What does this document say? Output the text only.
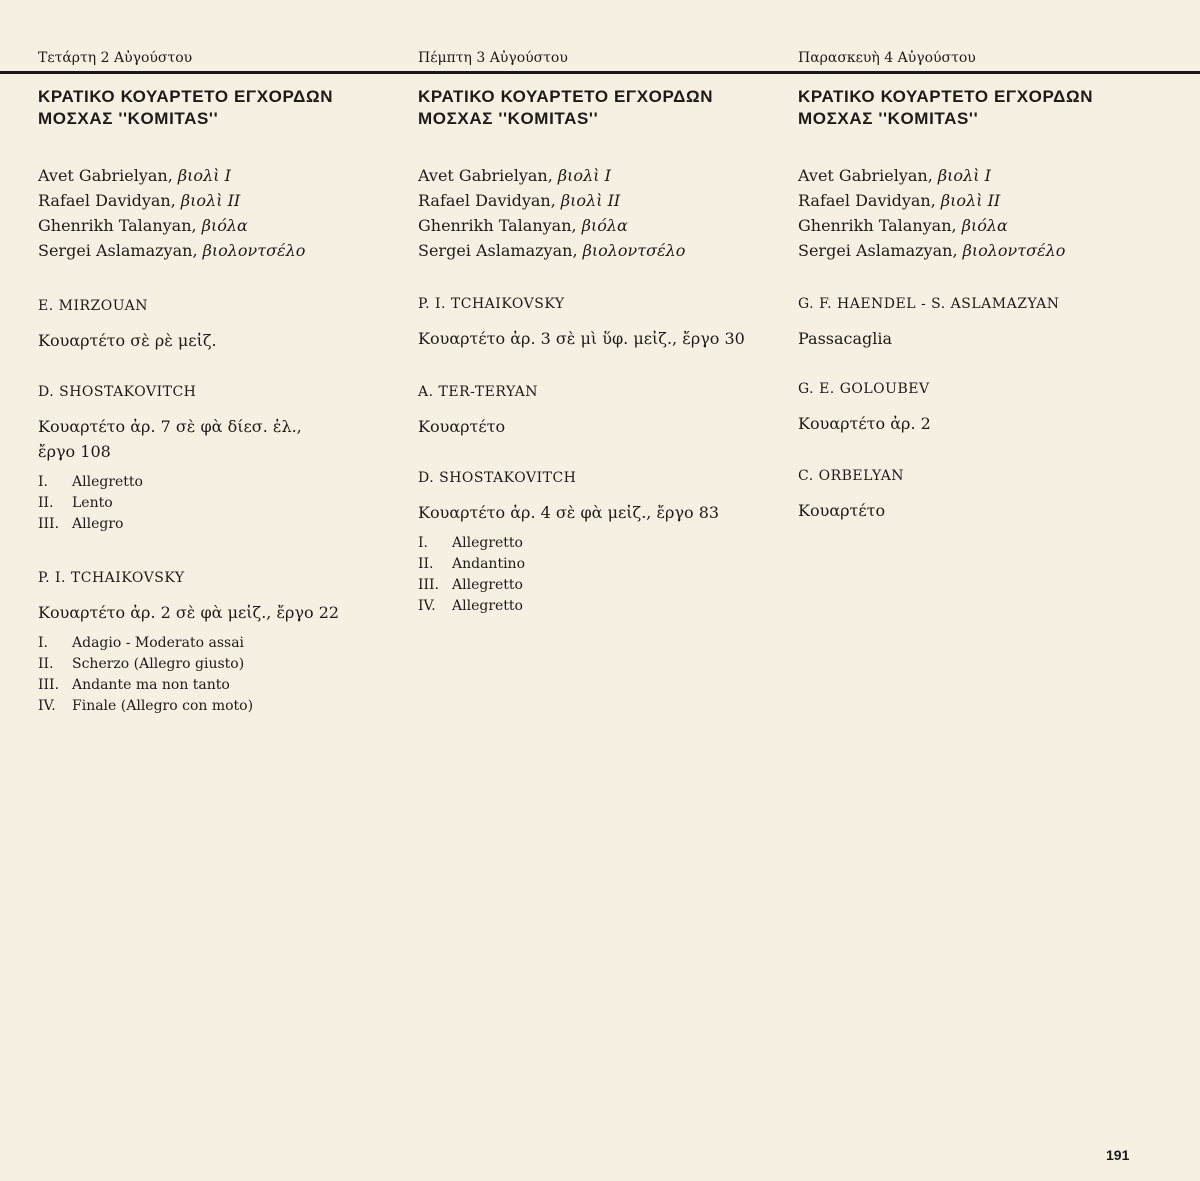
Τετάρτη 2 Αὐγούστου
ΚΡΑΤΙΚΟ ΚΟΥΑΡΤΕΤΟ ΕΓΧΟΡΔΩΝ
ΜΟΣΧΑΣ ''KOMITAS''
Avet Gabrielyan, βιολὶ I
Rafael Davidyan, βιολὶ II
Ghenrikh Talanyan, βιόλα
Sergei Aslamazyan, βιολοντσέλο
E. MIRZOUAN
Κουαρτέτο σὲ ρὲ μεἰζ.
D. SHOSTAKOVITCH
Κουαρτέτο ἀρ. 7 σὲ φὰ δίεσ. ἐλ., ἔργο 108
I. Allegretto
II. Lento
III. Allegro
P. I. TCHAIKOVSKY
Κουαρτέτο ἀρ. 2 σὲ φὰ μεἰζ., ἔργο 22
I. Adagio - Moderato assai
II. Scherzo (Allegro giusto)
III. Andante ma non tanto
IV. Finale (Allegro con moto)
Πέμπτη 3 Αὐγούστου
ΚΡΑΤΙΚΟ ΚΟΥΑΡΤΕΤΟ ΕΓΧΟΡΔΩΝ
ΜΟΣΧΑΣ ''KOMITAS''
Avet Gabrielyan, βιολὶ I
Rafael Davidyan, βιολὶ II
Ghenrikh Talanyan, βιόλα
Sergei Aslamazyan, βιολοντσέλο
P. I. TCHAIKOVSKY
Κουαρτέτο ἀρ. 3 σὲ μὶ ὕφ. μεἰζ., ἔργο 30
A. TER-TERYAN
Κουαρτέτο
D. SHOSTAKOVITCH
Κουαρτέτο ἀρ. 4 σὲ φὰ μεἰζ., ἔργο 83
I. Allegretto
II. Andantino
III. Allegretto
IV. Allegretto
Παρασκευὴ 4 Αὐγούστου
ΚΡΑΤΙΚΟ ΚΟΥΑΡΤΕΤΟ ΕΓΧΟΡΔΩΝ
ΜΟΣΧΑΣ ''KOMITAS''
Avet Gabrielyan, βιολὶ I
Rafael Davidyan, βιολὶ II
Ghenrikh Talanyan, βιόλα
Sergei Aslamazyan, βιολοντσέλο
G. F. HAENDEL - S. ASLAMAZYAN
Passacaglia
G. E. GOLOUBEV
Κουαρτέτο ἀρ. 2
C. ORBELYAN
Κουαρτέτο
191
